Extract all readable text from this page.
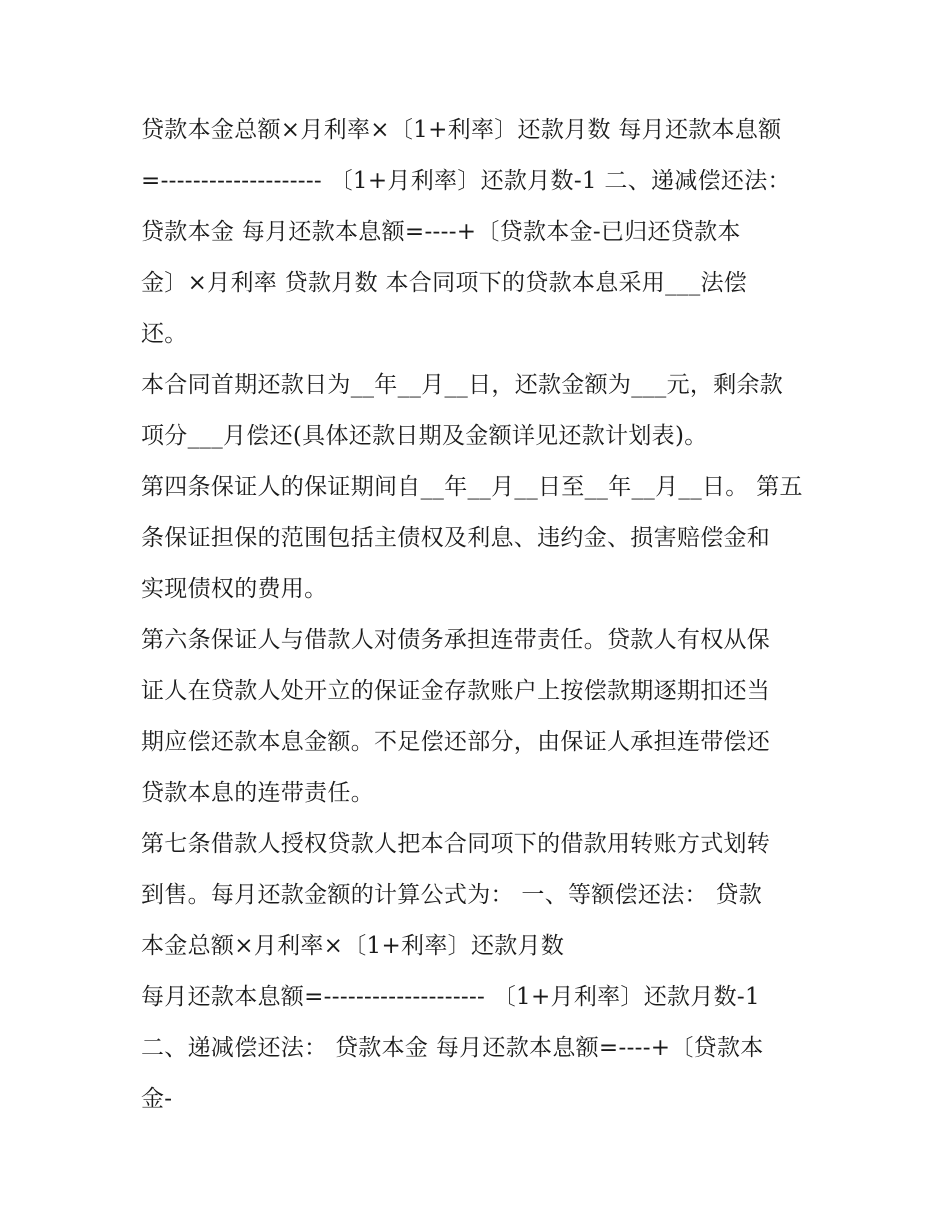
贷款本金总额×月利率×〔1+利率〕还款月数 每月还款本息额
=-------------------- 〔1+月利率〕还款月数-1 二、递减偿还法：
贷款本金 每月还款本息额=----+〔贷款本金-已归还贷款本
金〕×月利率 贷款月数 本合同项下的贷款本息采用___法偿
还。
本合同首期还款日为__年__月__日，还款金额为___元，剩余款
项分___月偿还(具体还款日期及金额详见还款计划表)。
第四条保证人的保证期间自__年__月__日至__年__月__日。 第五
条保证担保的范围包括主债权及利息、违约金、损害赔偿金和
实现债权的费用。
第六条保证人与借款人对债务承担连带责任。贷款人有权从保
证人在贷款人处开立的保证金存款账户上按偿款期逐期扣还当
期应偿还款本息金额。不足偿还部分，由保证人承担连带偿还
贷款本息的连带责任。
第七条借款人授权贷款人把本合同项下的借款用转账方式划转
到售。每月还款金额的计算公式为： 一、等额偿还法： 贷款
本金总额×月利率×〔1+利率〕还款月数
每月还款本息额=-------------------- 〔1+月利率〕还款月数-1
二、递减偿还法： 贷款本金 每月还款本息额=----+〔贷款本
金-
